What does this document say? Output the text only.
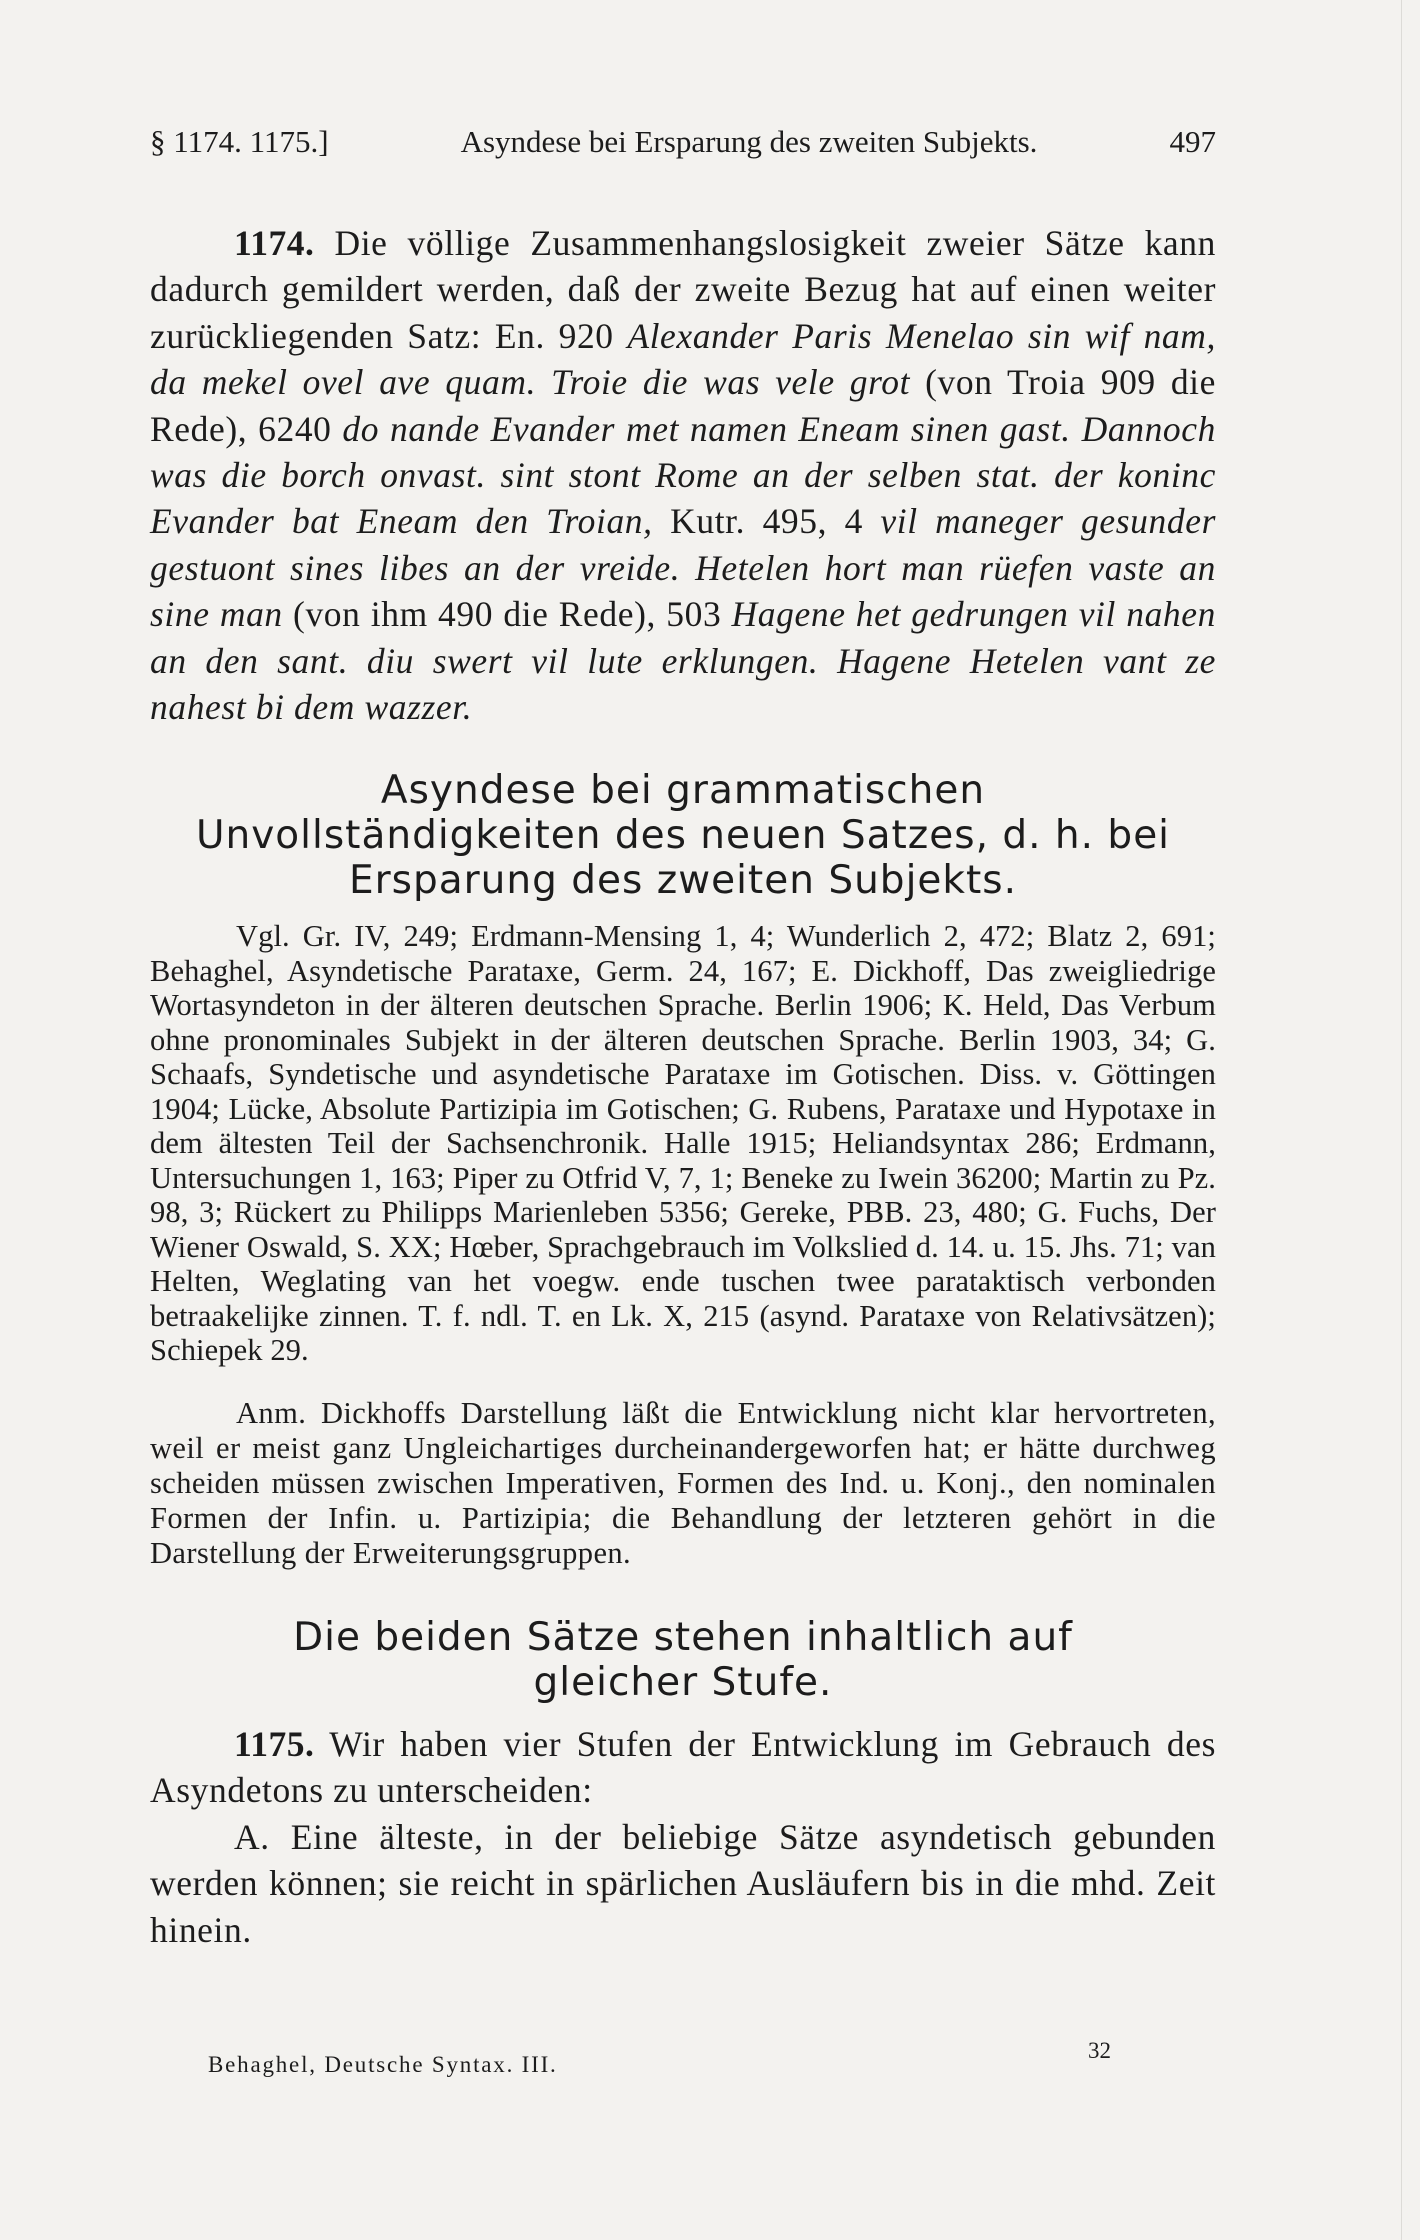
§ 1174. 1175.]	Asyndese bei Ersparung des zweiten Subjekts.	497

1174. Die völlige Zusammenhangslosigkeit zweier Sätze kann dadurch gemildert werden, daß der zweite Bezug hat auf einen weiter zurückliegenden Satz: En. 920 Alexander Paris Menelao sin wif nam, da mekel ovel ave quam. Troie die was vele grot (von Troia 909 die Rede), 6240 do nande Evander met namen Eneam sinen gast. Dannoch was die borch onvast. sint stont Rome an der selben stat. der koninc Evander bat Eneam den Troian, Kutr. 495, 4 vil maneger gesunder gestuont sines libes an der vreide. Hetelen hort man rüefen vaste an sine man (von ihm 490 die Rede), 503 Hagene het gedrungen vil nahen an den sant. diu swert vil lute erklungen. Hagene Hetelen vant ze nahest bi dem wazzer.

Asyndese bei grammatischen Unvollständigkeiten des neuen Satzes, d. h. bei Ersparung des zweiten Subjekts.

Vgl. Gr. IV, 249; Erdmann-Mensing 1, 4; Wunderlich 2, 472; Blatz 2, 691; Behaghel, Asyndetische Parataxe, Germ. 24, 167; E. Dickhoff, Das zweigliedrige Wortasyndeton in der älteren deutschen Sprache. Berlin 1906; K. Held, Das Verbum ohne pronominales Subjekt in der älteren deutschen Sprache. Berlin 1903, 34; G. Schaafs, Syndetische und asyndetische Parataxe im Gotischen. Diss. v. Göttingen 1904; Lücke, Absolute Partizipia im Gotischen; G. Rubens, Parataxe und Hypotaxe in dem ältesten Teil der Sachsenchronik. Halle 1915; Heliandsyntax 286; Erdmann, Untersuchungen 1, 163; Piper zu Otfrid V, 7, 1; Beneke zu Iwein 36200; Martin zu Pz. 98, 3; Rückert zu Philipps Marienleben 5356; Gereke, PBB. 23, 480; G. Fuchs, Der Wiener Oswald, S. XX; Hœber, Sprachgebrauch im Volkslied d. 14. u. 15. Jhs. 71; van Helten, Weglating van het voegw. ende tuschen twee parataktisch verbonden betraakelijke zinnen. T. f. ndl. T. en Lk. X, 215 (asynd. Parataxe von Relativsätzen); Schiepek 29.

Anm. Dickhoffs Darstellung läßt die Entwicklung nicht klar hervortreten, weil er meist ganz Ungleichartiges durcheinandergeworfen hat; er hätte durchweg scheiden müssen zwischen Imperativen, Formen des Ind. u. Konj., den nominalen Formen der Infin. u. Partizipia; die Behandlung der letzteren gehört in die Darstellung der Erweiterungsgruppen.

Die beiden Sätze stehen inhaltlich auf gleicher Stufe.

1175. Wir haben vier Stufen der Entwicklung im Gebrauch des Asyndetons zu unterscheiden:

A. Eine älteste, in der beliebige Sätze asyndetisch gebunden werden können; sie reicht in spärlichen Ausläufern bis in die mhd. Zeit hinein.

Behaghel, Deutsche Syntax. III.
32
